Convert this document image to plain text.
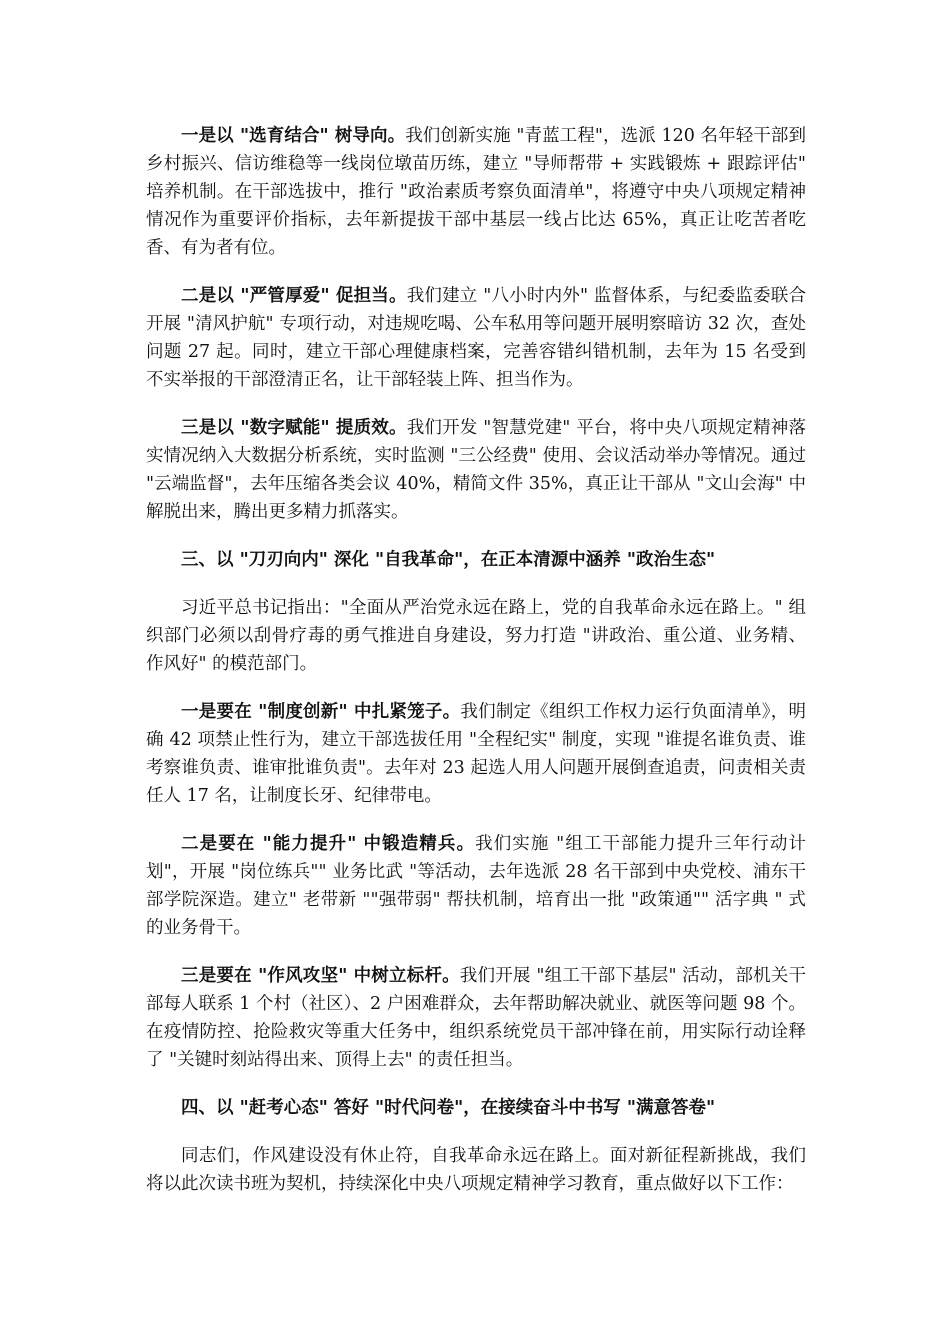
一是以 "选育结合" 树导向。我们创新实施 "青蓝工程"，选派 120 名年轻干部到乡村振兴、信访维稳等一线岗位墩苗历练，建立 "导师帮带 + 实践锻炼 + 跟踪评估" 培养机制。在干部选拔中，推行 "政治素质考察负面清单"，将遵守中央八项规定精神情况作为重要评价指标，去年新提拔干部中基层一线占比达 65%，真正让吃苦者吃香、有为者有位。

二是以 "严管厚爱" 促担当。我们建立 "八小时内外" 监督体系，与纪委监委联合开展 "清风护航" 专项行动，对违规吃喝、公车私用等问题开展明察暗访 32 次，查处问题 27 起。同时，建立干部心理健康档案，完善容错纠错机制，去年为 15 名受到不实举报的干部澄清正名，让干部轻装上阵、担当作为。

三是以 "数字赋能" 提质效。我们开发 "智慧党建" 平台，将中央八项规定精神落实情况纳入大数据分析系统，实时监测 "三公经费" 使用、会议活动举办等情况。通过 "云端监督"，去年压缩各类会议 40%，精简文件 35%，真正让干部从 "文山会海" 中解脱出来，腾出更多精力抓落实。

三、以 "刀刃向内" 深化 "自我革命"，在正本清源中涵养 "政治生态"

习近平总书记指出："全面从严治党永远在路上，党的自我革命永远在路上。" 组织部门必须以刮骨疗毒的勇气推进自身建设，努力打造 "讲政治、重公道、业务精、作风好" 的模范部门。

一是要在 "制度创新" 中扎紧笼子。我们制定《组织工作权力运行负面清单》，明确 42 项禁止性行为，建立干部选拔任用 "全程纪实" 制度，实现 "谁提名谁负责、谁考察谁负责、谁审批谁负责"。去年对 23 起选人用人问题开展倒查追责，问责相关责任人 17 名，让制度长牙、纪律带电。

二是要在 "能力提升" 中锻造精兵。我们实施 "组工干部能力提升三年行动计划"，开展 "岗位练兵"" 业务比武 "等活动，去年选派 28 名干部到中央党校、浦东干部学院深造。建立" 老带新 ""强带弱" 帮扶机制，培育出一批 "政策通"" 活字典 " 式的业务骨干。

三是要在 "作风攻坚" 中树立标杆。我们开展 "组工干部下基层" 活动，部机关干部每人联系 1 个村（社区）、2 户困难群众，去年帮助解决就业、就医等问题 98 个。在疫情防控、抢险救灾等重大任务中，组织系统党员干部冲锋在前，用实际行动诠释了 "关键时刻站得出来、顶得上去" 的责任担当。

四、以 "赶考心态" 答好 "时代问卷"，在接续奋斗中书写 "满意答卷"

同志们，作风建设没有休止符，自我革命永远在路上。面对新征程新挑战，我们将以此次读书班为契机，持续深化中央八项规定精神学习教育，重点做好以下工作：
